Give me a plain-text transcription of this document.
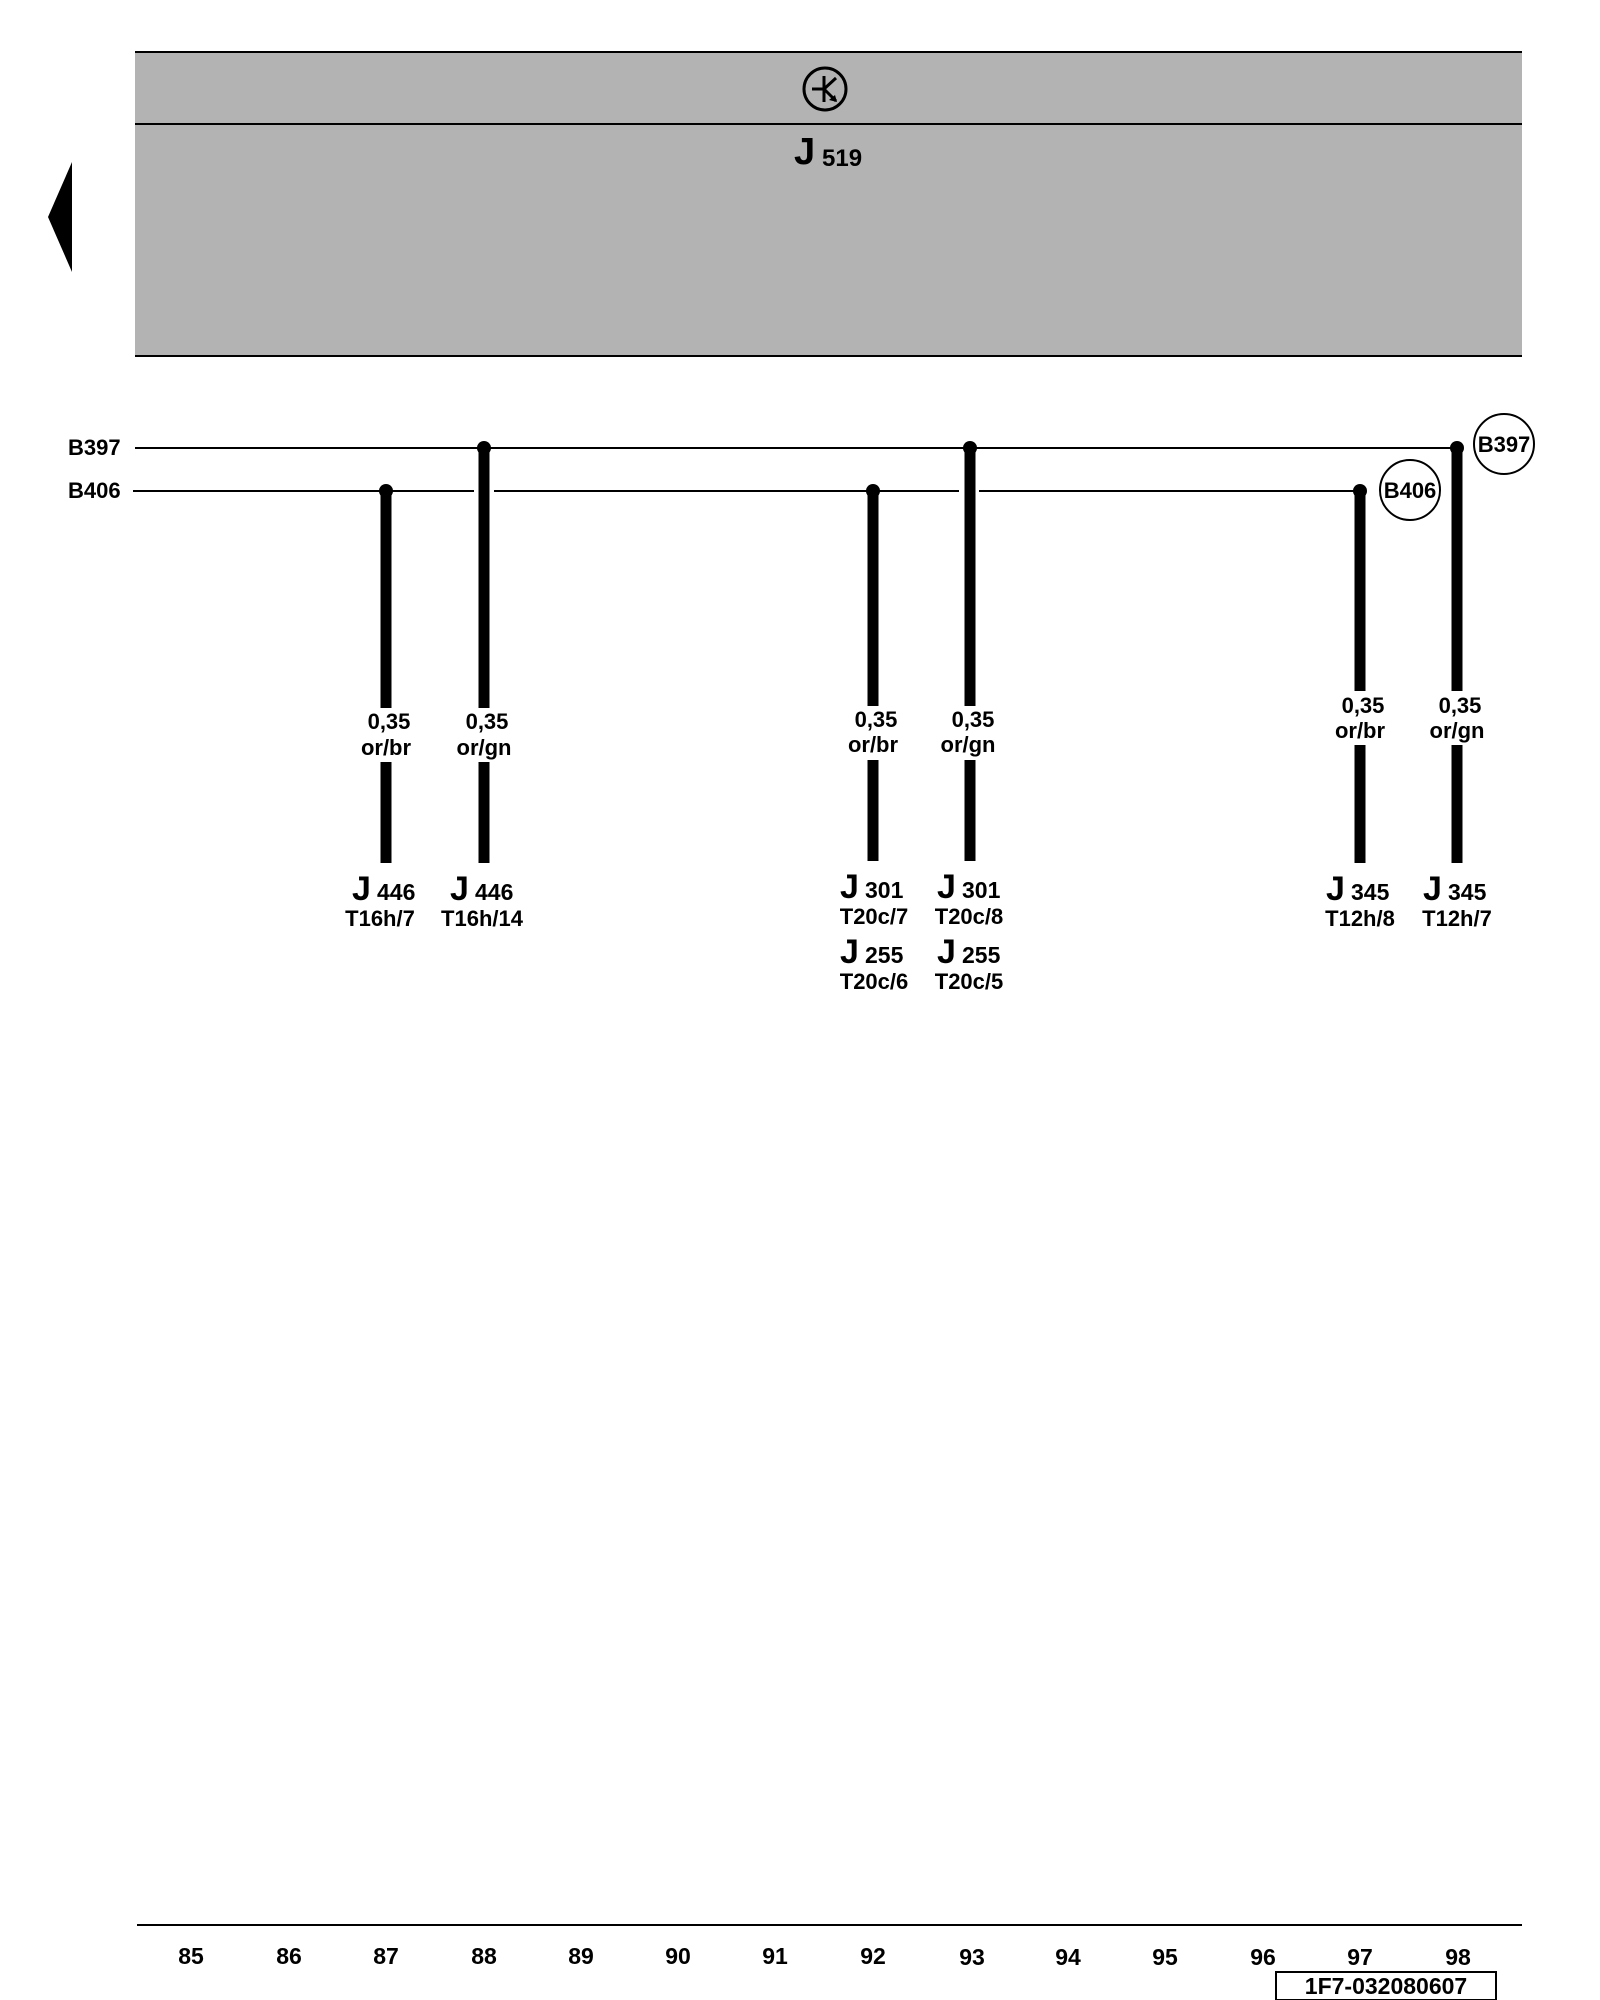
J 519
B397
B406
B397
B406
0,35
or/br
J 446
T16h/7
0,35
or/gn
J 446
T16h/14
0,35
or/br
J 301
T20c/7
J 255
T20c/6
0,35
or/gn
J 301
T20c/8
J 255
T20c/5
0,35
or/br
J 345
T12h/8
0,35
or/gn
J 345
T12h/7
85	86	87	88	89	90	91	92	93	94	95	96	97	98
1F7-032080607
